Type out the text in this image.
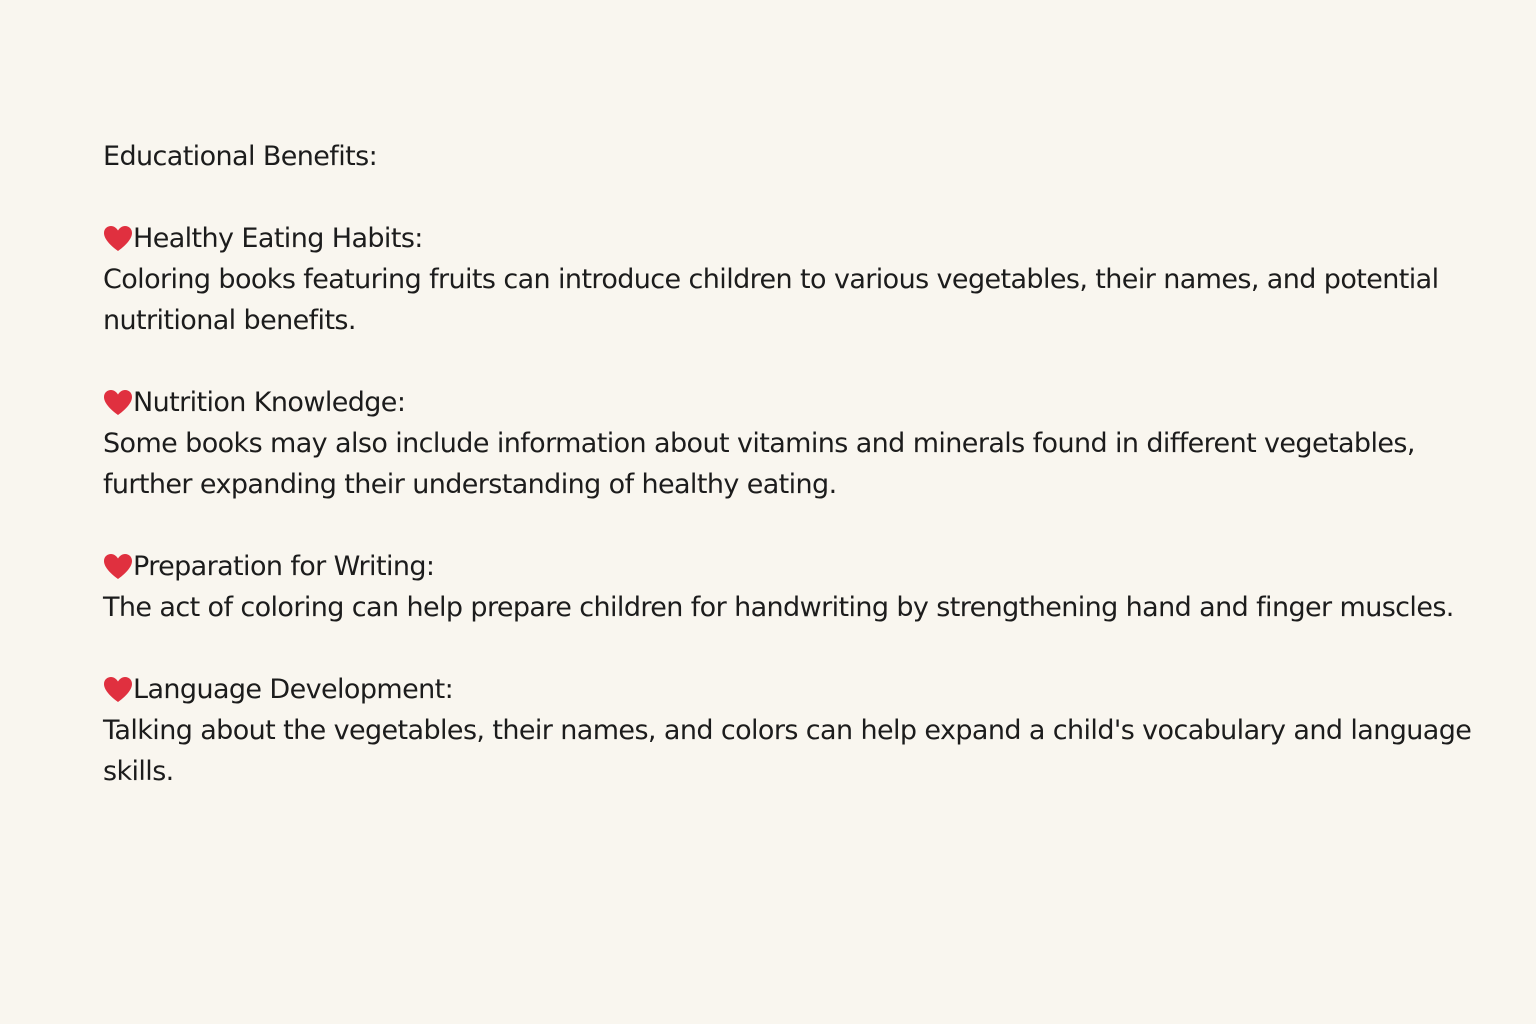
Educational Benefits:
Healthy Eating Habits:

Coloring books featuring fruits can introduce children to various vegetables, their names, and potential nutritional benefits.

Nutrition Knowledge:

Some books may also include information about vitamins and minerals found in different vegetables, further expanding their understanding of healthy eating.

Preparation for Writing:

The act of coloring can help prepare children for handwriting by strengthening hand and finger muscles.

Language Development:

Talking about the vegetables, their names, and colors can help expand a child's vocabulary and language skills.
